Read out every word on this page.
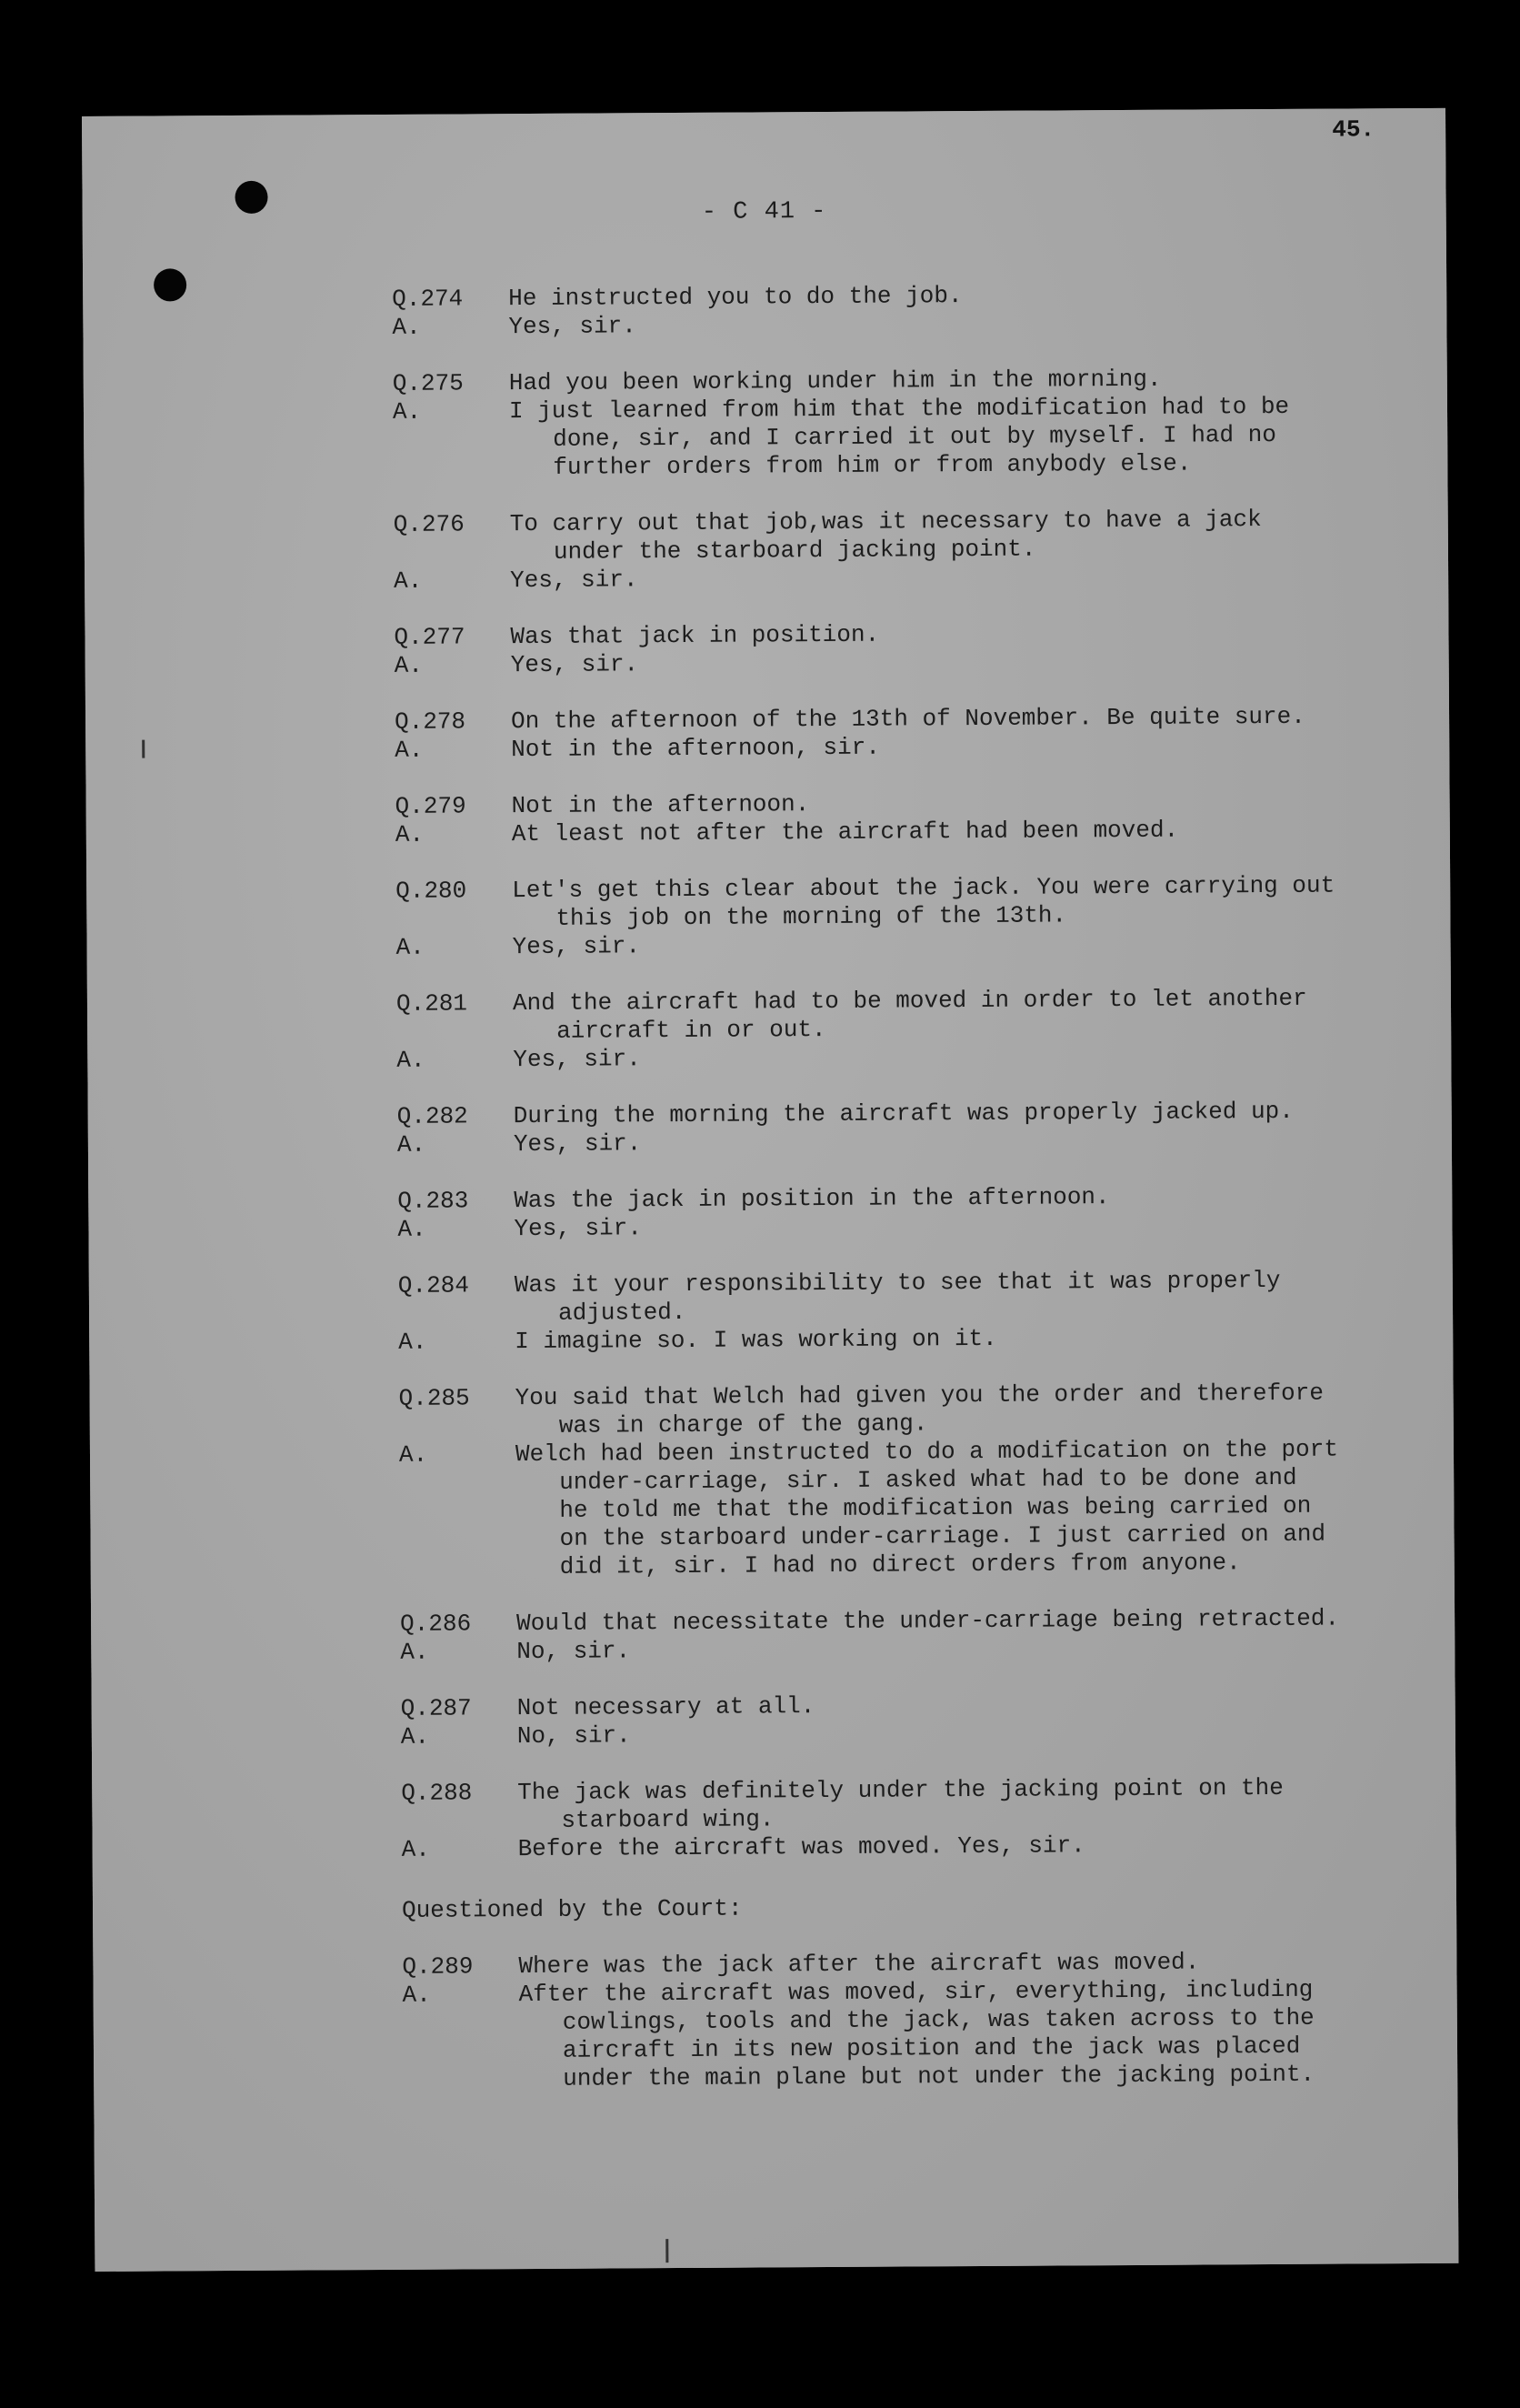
45.
- C 41 -
Q.274	He instructed you to do the job.
A.	Yes, sir.
Q.275	Had you been working under him in the morning.
A.	I just learned from him that the modification had to be
done, sir, and I carried it out by myself. I had no
further orders from him or from anybody else.
Q.276	To carry out that job,was it necessary to have a jack
under the starboard jacking point.
A.	Yes, sir.
Q.277	Was that jack in position.
A.	Yes, sir.
Q.278	On the afternoon of the 13th of November. Be quite sure.
A.	Not in the afternoon, sir.
Q.279	Not in the afternoon.
A.	At least not after the aircraft had been moved.
Q.280	Let's get this clear about the jack. You were carrying out
this job on the morning of the 13th.
A.	Yes, sir.
Q.281	And the aircraft had to be moved in order to let another
aircraft in or out.
A.	Yes, sir.
Q.282	During the morning the aircraft was properly jacked up.
A.	Yes, sir.
Q.283	Was the jack in position in the afternoon.
A.	Yes, sir.
Q.284	Was it your responsibility to see that it was properly
adjusted.
A.	I imagine so. I was working on it.
Q.285	You said that Welch had given you the order and therefore
was in charge of the gang.
A.	Welch had been instructed to do a modification on the port
under-carriage, sir. I asked what had to be done and
he told me that the modification was being carried on
on the starboard under-carriage. I just carried on and
did it, sir. I had no direct orders from anyone.
Q.286	Would that necessitate the under-carriage being retracted.
A.	No, sir.
Q.287	Not necessary at all.
A.	No, sir.
Q.288	The jack was definitely under the jacking point on the
starboard wing.
A.	Before the aircraft was moved. Yes, sir.
Questioned by the Court:
Q.289	Where was the jack after the aircraft was moved.
A.	After the aircraft was moved, sir, everything, including
cowlings, tools and the jack, was taken across to the
aircraft in its new position and the jack was placed
under the main plane but not under the jacking point.
